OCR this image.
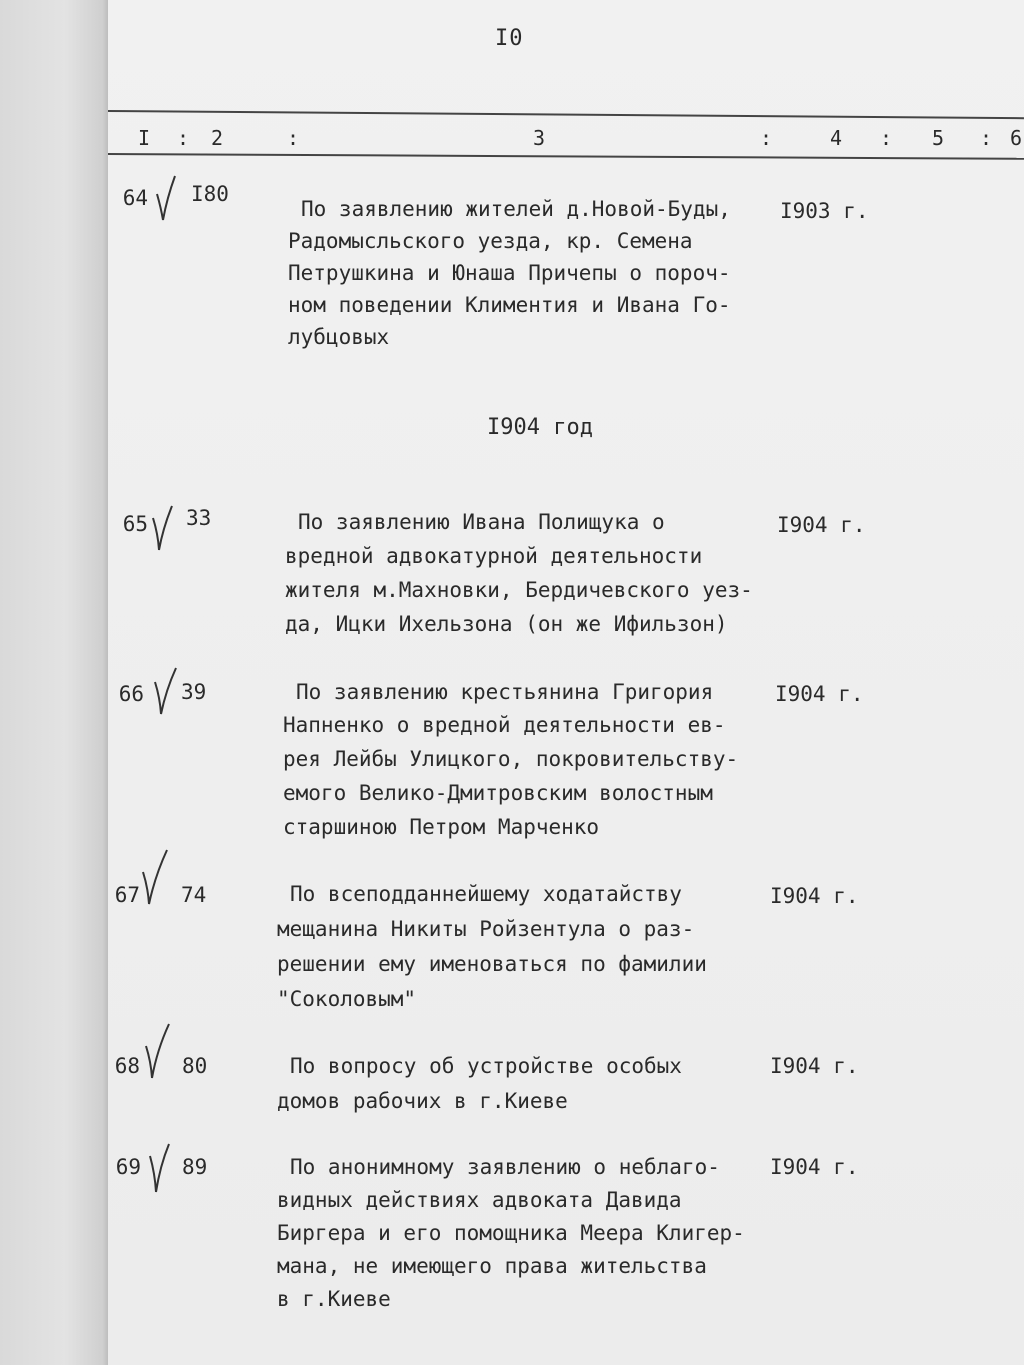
I0
I : 2	:	3	:	4 : 5 : 6
64 I80
По заявлению жителей д.Новой-Буды,
Радомысльского уезда, кр. Семена
Петрушкина и Юнаша Причепы о пороч-
ном поведении Климентия и Ивана Го-
лубцовых
I903 г.
I904 год
65 33	По заявлению Ивана Полищука о
вредной адвокатурной деятельности
жителя м.Махновки, Бердичевского уез-
да, Ицки Ихельзона (он же Ифильзон)
I904 г.
66 39	По заявлению крестьянина Григория
Напненко о вредной деятельности ев-
рея Лейбы Улицкого, покровительству-
емого Велико-Дмитровским волостным
старшиною Петром Марченко
I904 г.
67 74	По всеподданнейшему ходатайству
мещанина Никиты Ройзентула о раз-
решении ему именоваться по фамилии
"Соколовым"
I904 г.
68 80	По вопросу об устройстве особых
домов рабочих в г.Киеве
I904 г.
69 89	По анонимному заявлению о неблаго-
видных действиях адвоката Давида
Биргера и его помощника Меера Клигер-
мана, не имеющего права жительства
в г.Киеве
I904 г.
